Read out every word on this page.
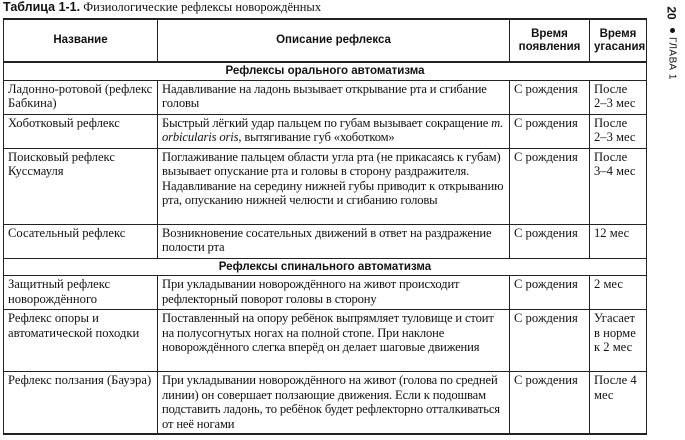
Таблица 1-1. Физиологические рефлексы новорождённых	20
ГЛАВА 1
Название	Описание рефлекса	Время появления	Время угасания
Рефлексы орального автоматизма			
Ладонно-ротовой (рефлекс Бабкина)	Надавливание на ладонь вызывает открывание рта и сгибание головы	С рождения	После 2–3 мес
Хоботковый рефлекс	Быстрый лёгкий удар пальцем по губам вызывает сокращение m. orbicularis oris, вытягивание губ «хоботком»	С рождения	После 2–3 мес
Поисковый рефлекс Куссмауля	Поглаживание пальцем области угла рта (не прикасаясь к губам) вызывает опускание рта и головы в сторону раздражителя. Надавливание на середину нижней губы приводит к открыванию рта, опусканию нижней челюсти и сгибанию головы	С рождения	После 3–4 мес
Сосательный рефлекс	Возникновение сосательных движений в ответ на раздражение полости рта	С рождения	12 мес
Рефлексы спинального автоматизма			
Защитный рефлекс новорождённого	При укладывании новорождённого на живот происходит рефлекторный поворот головы в сторону	С рождения	2 мес
Рефлекс опоры и автоматической походки	Поставленный на опору ребёнок выпрямляет туловище и стоит на полусогнутых ногах на полной стопе. При наклоне новорождённого слегка вперёд он делает шаговые движения	С рождения	Угасает в норме к 2 мес
Рефлекс ползания (Бауэра)	При укладывании новорождённого на живот (голова по средней линии) он совершает ползающие движения. Если к подошвам подставить ладонь, то ребёнок будет рефлекторно отталкиваться от неё ногами	С рождения	После 4 мес
